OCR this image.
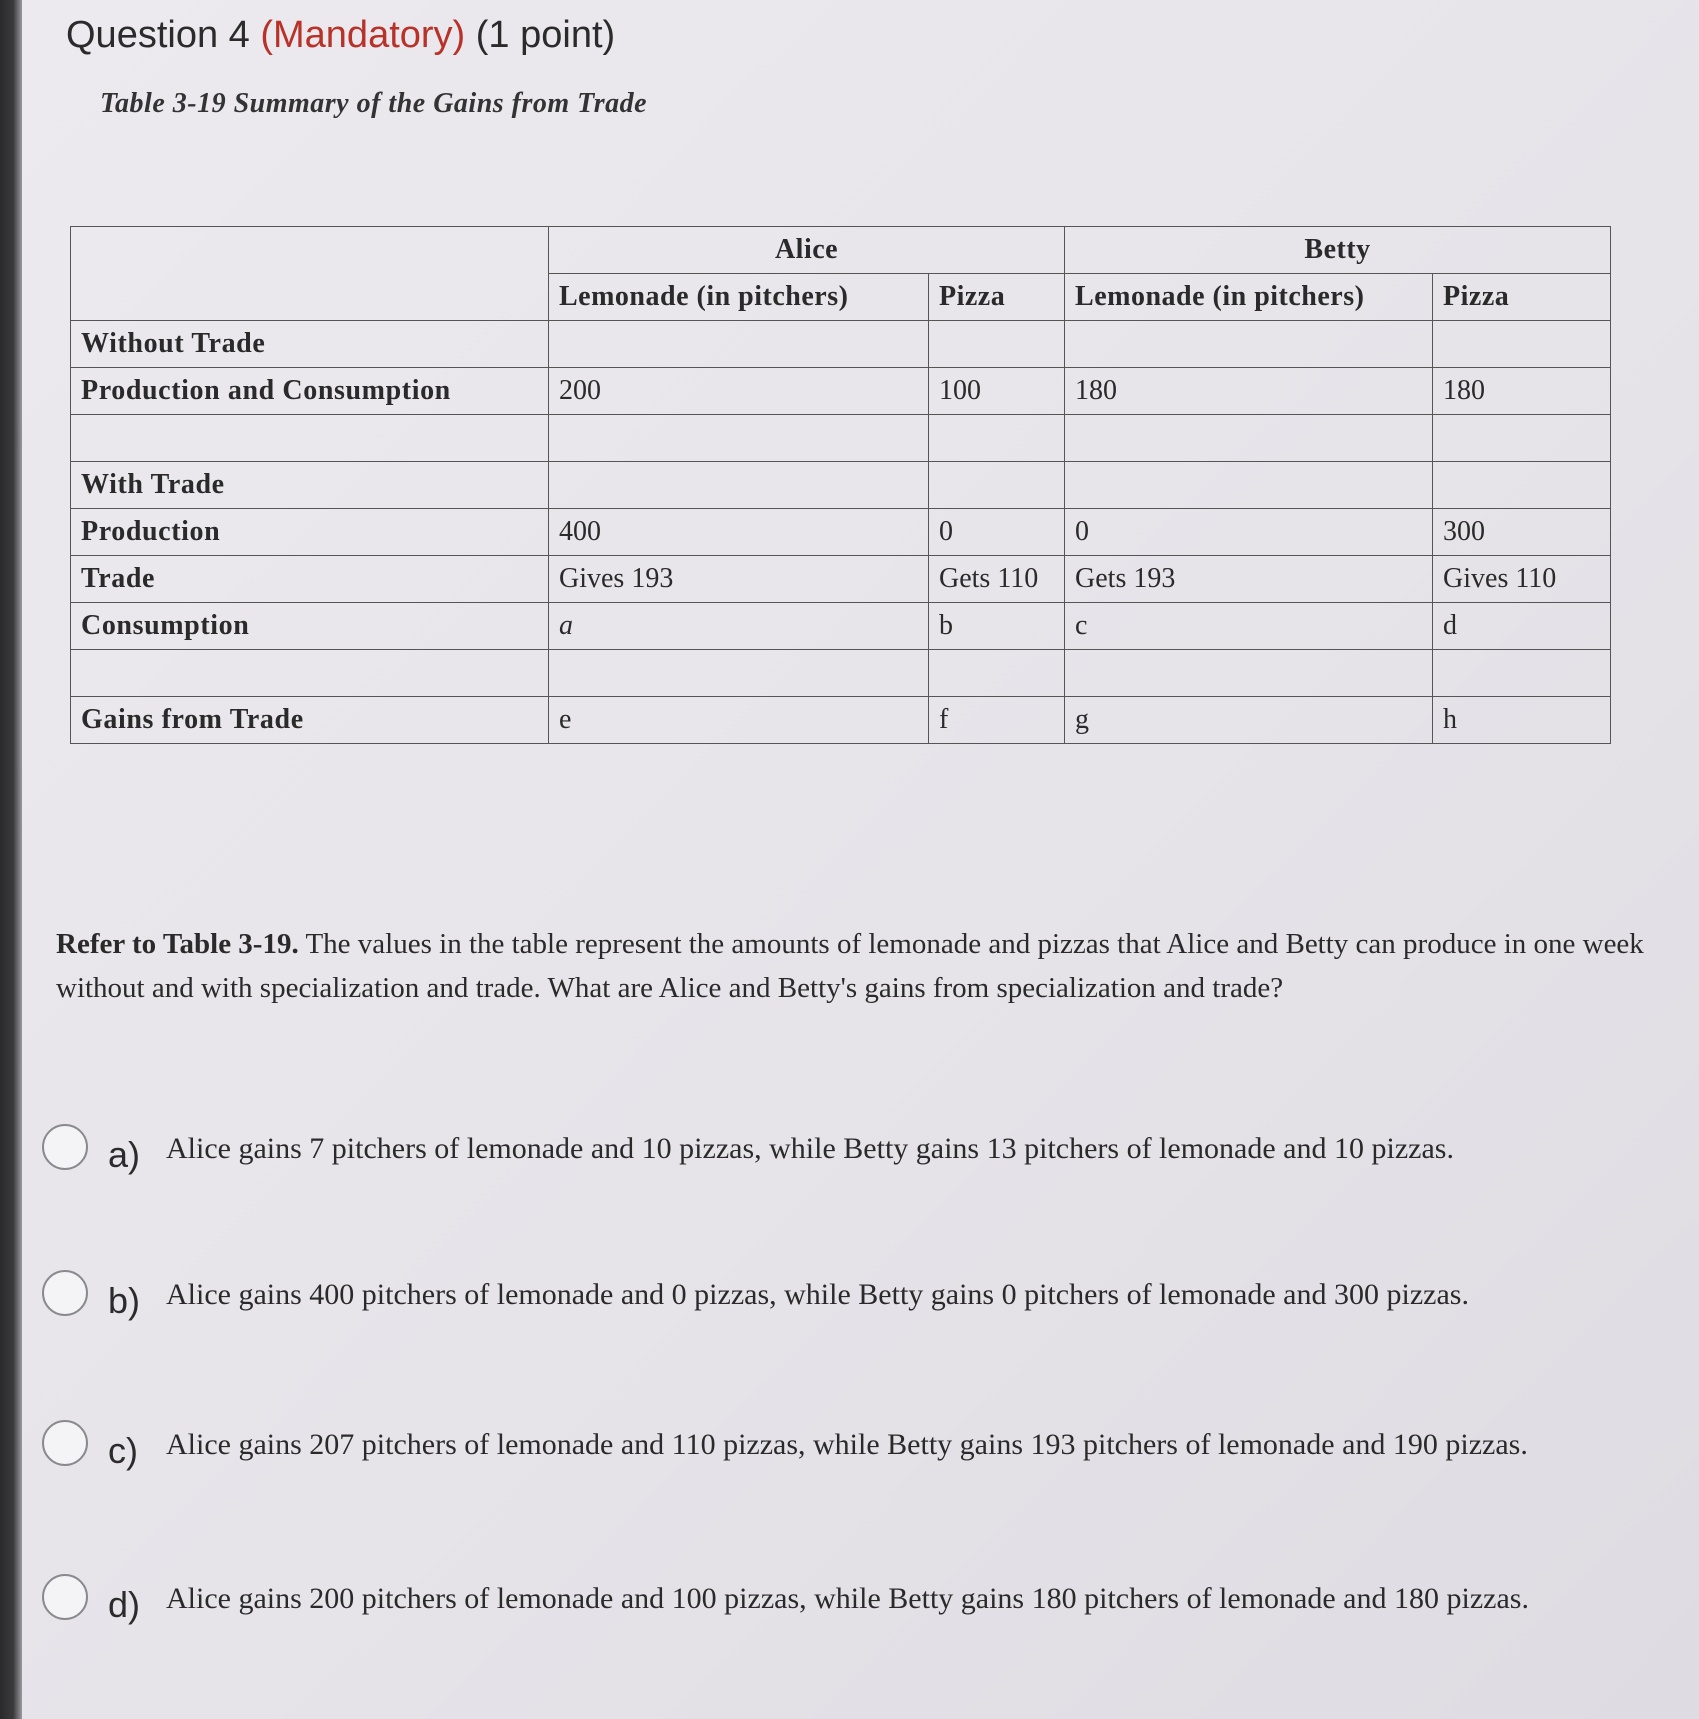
Question 4 (Mandatory) (1 point)
Table 3-19 Summary of the Gains from Trade
	Alice		Betty	
	Lemonade (in pitchers)	Pizza	Lemonade (in pitchers)	Pizza
Without Trade				
Production and Consumption	200	100	180	180

With Trade				
Production	400	0	0	300
Trade	Gives 193	Gets 110	Gets 193	Gives 110
Consumption	a	b	c	d

Gains from Trade	e	f	g	h
Refer to Table 3-19. The values in the table represent the amounts of lemonade and pizzas that Alice and Betty can produce in one week without and with specialization and trade. What are Alice and Betty's gains from specialization and trade?
a) Alice gains 7 pitchers of lemonade and 10 pizzas, while Betty gains 13 pitchers of lemonade and 10 pizzas.
b) Alice gains 400 pitchers of lemonade and 0 pizzas, while Betty gains 0 pitchers of lemonade and 300 pizzas.
c) Alice gains 207 pitchers of lemonade and 110 pizzas, while Betty gains 193 pitchers of lemonade and 190 pizzas.
d) Alice gains 200 pitchers of lemonade and 100 pizzas, while Betty gains 180 pitchers of lemonade and 180 pizzas.
